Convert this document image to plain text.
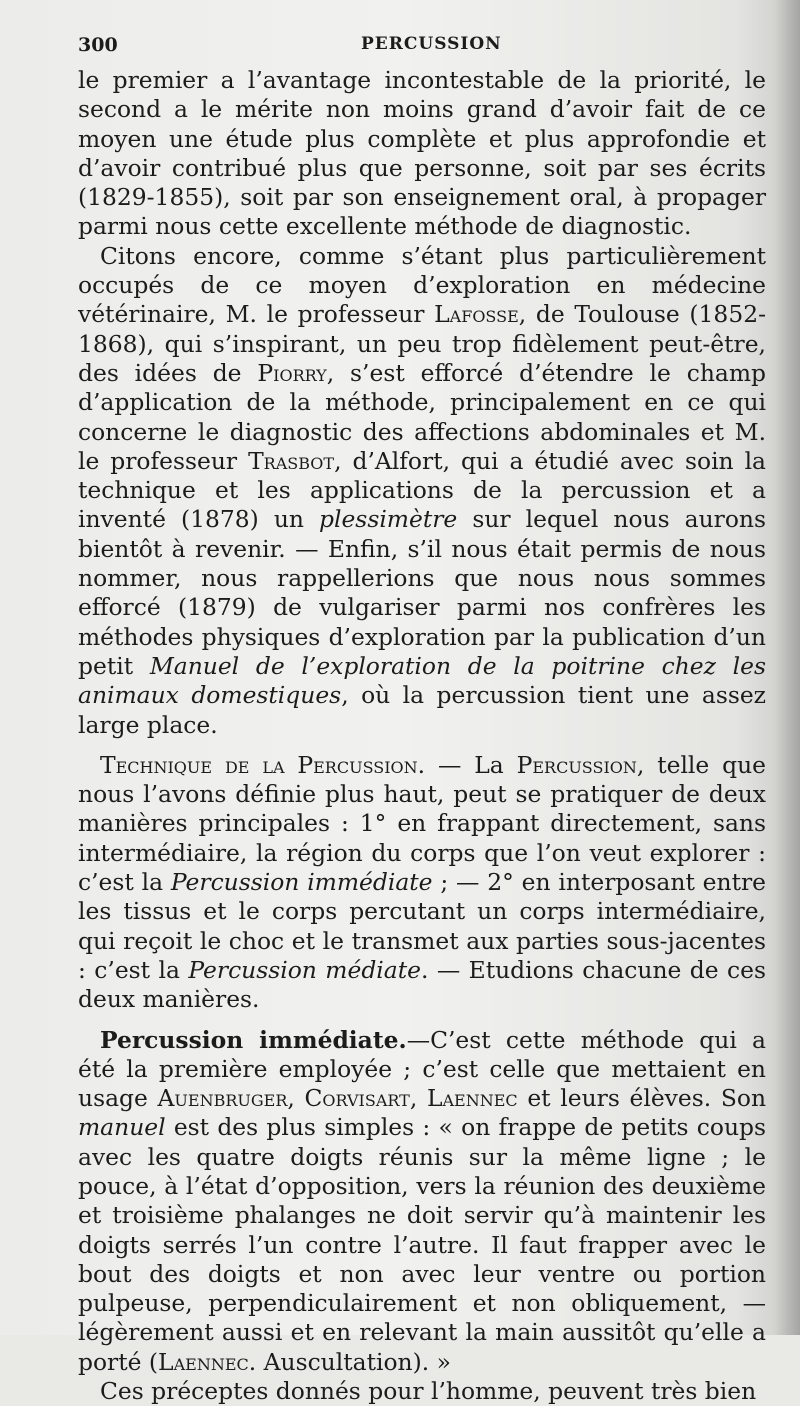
300	PERCUSSION

le premier a l’avantage incontestable de la priorité, le second a le mérite non moins grand d’avoir fait de ce moyen une étude plus complète et plus approfondie et d’avoir contribué plus que personne, soit par ses écrits (1829-1855), soit par son enseignement oral, à propager parmi nous cette excellente méthode de diagnostic.

Citons encore, comme s’étant plus particulièrement occupés de ce moyen d’exploration en médecine vétérinaire, M. le professeur Lafosse, de Toulouse (1852-1868), qui s’inspirant, un peu trop fidèlement peut-être, des idées de Piorry, s’est efforcé d’étendre le champ d’application de la méthode, principalement en ce qui concerne le diagnostic des affections abdominales et M. le professeur Trasbot, d’Alfort, qui a étudié avec soin la technique et les applications de la percussion et a inventé (1878) un plessimètre sur lequel nous aurons bientôt à revenir. — Enfin, s’il nous était permis de nous nommer, nous rappellerions que nous nous sommes efforcé (1879) de vulgariser parmi nos confrères les méthodes physiques d’exploration par la publication d’un petit Manuel de l’exploration de la poitrine chez les animaux domestiques, où la percussion tient une assez large place.

Technique de la Percussion. — La Percussion, telle que nous l’avons définie plus haut, peut se pratiquer de deux manières principales : 1° en frappant directement, sans intermédiaire, la région du corps que l’on veut explorer : c’est la Percussion immédiate ; — 2° en interposant entre les tissus et le corps percutant un corps intermédiaire, qui reçoit le choc et le transmet aux parties sous-jacentes : c’est la Percussion médiate. — Etudions chacune de ces deux manières.

Percussion immédiate.—C’est cette méthode qui a été la première employée ; c’est celle que mettaient en usage Auenbruger, Corvisart, Laennec et leurs élèves. Son manuel est des plus simples : « on frappe de petits coups avec les quatre doigts réunis sur la même ligne ; le pouce, à l’état d’opposition, vers la réunion des deuxième et troisième phalanges ne doit servir qu’à maintenir les doigts serrés l’un contre l’autre. Il faut frapper avec le bout des doigts et non avec leur ventre ou portion pulpeuse, perpendiculairement et non obliquement, — légèrement aussi et en relevant la main aussitôt qu’elle a porté (Laennec. Auscultation). »

Ces préceptes donnés pour l’homme, peuvent très bien
